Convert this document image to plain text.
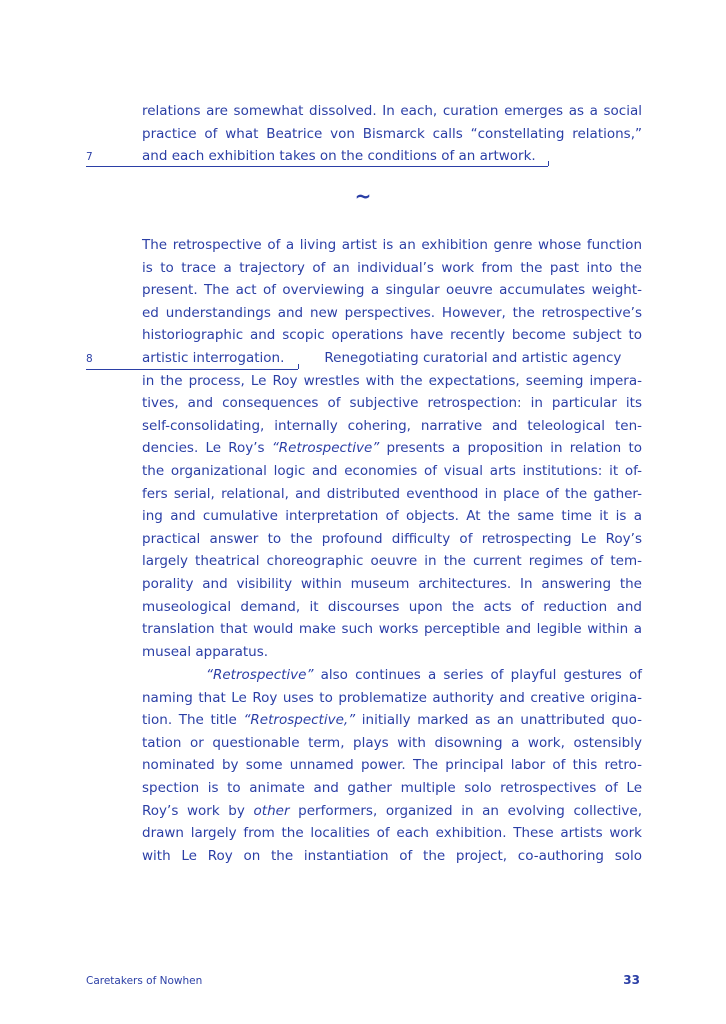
relations are somewhat dissolved. In each, curation emerges as a social
practice of what Beatrice von Bismarck calls “constellating relations,”
and each exhibition takes on the conditions of an artwork.
7
~
The retrospective of a living artist is an exhibition genre whose function
is to trace a trajectory of an individual’s work from the past into the
present. The act of overviewing a singular oeuvre accumulates weight-
ed understandings and new perspectives. However, the retrospective’s
historiographic and scopic operations have recently become subject to
artistic interrogation.	Renegotiating curatorial and artistic agency
in the process, Le Roy wrestles with the expectations, seeming impera-
tives, and consequences of subjective retrospection: in particular its
self-consolidating, internally cohering, narrative and teleological ten-
dencies. Le Roy’s “Retrospective” presents a proposition in relation to
the organizational logic and economies of visual arts institutions: it of-
fers serial, relational, and distributed eventhood in place of the gather-
ing and cumulative interpretation of objects. At the same time it is a
practical answer to the profound difficulty of retrospecting Le Roy’s
largely theatrical choreographic oeuvre in the current regimes of tem-
porality and visibility within museum architectures. In answering the
museological demand, it discourses upon the acts of reduction and
translation that would make such works perceptible and legible within a
museal apparatus.
8
“Retrospective” also continues a series of playful gestures of
naming that Le Roy uses to problematize authority and creative origina-
tion. The title “Retrospective,” initially marked as an unattributed quo-
tation or questionable term, plays with disowning a work, ostensibly
nominated by some unnamed power. The principal labor of this retro-
spection is to animate and gather multiple solo retrospectives of Le
Roy’s work by other performers, organized in an evolving collective,
drawn largely from the localities of each exhibition. These artists work
with Le Roy on the instantiation of the project, co-authoring solo
Caretakers of Nowhen	33
